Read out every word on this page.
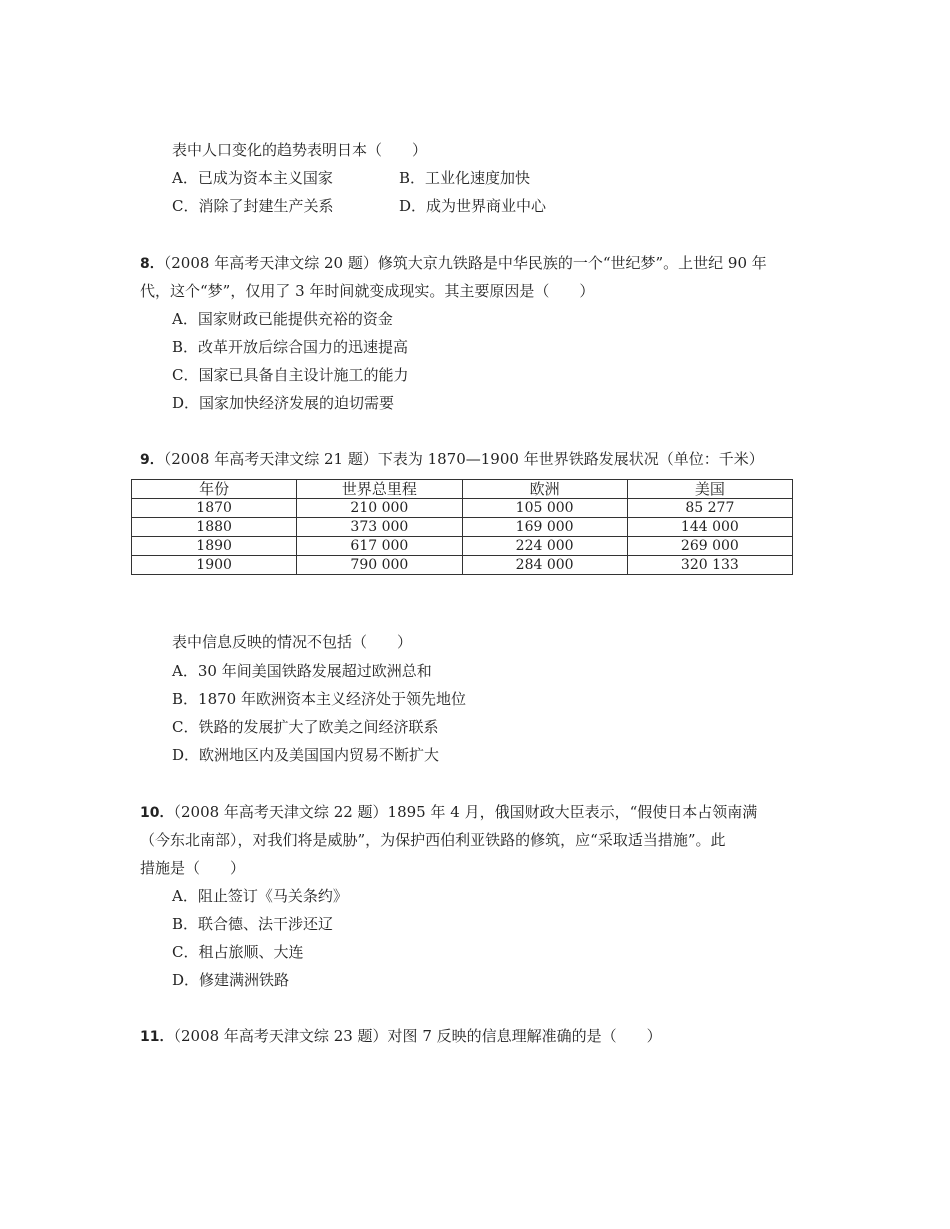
表中人口变化的趋势表明日本（　　）
A．已成为资本主义国家	B．工业化速度加快
C．消除了封建生产关系	D．成为世界商业中心
8．（2008 年高考天津文综 20 题）修筑大京九铁路是中华民族的一个“世纪梦”。上世纪 90 年
代，这个“梦”，仅用了 3 年时间就变成现实。其主要原因是（　　）
A．国家财政已能提供充裕的资金
B．改革开放后综合国力的迅速提高
C．国家已具备自主设计施工的能力
D．国家加快经济发展的迫切需要
9．（2008 年高考天津文综 21 题）下表为 1870—1900 年世界铁路发展状况（单位：千米）
年份	世界总里程	欧洲	美国
1870	210 000	105 000	85 277
1880	373 000	169 000	144 000
1890	617 000	224 000	269 000
1900	790 000	284 000	320 133
表中信息反映的情况不包括（　　）
A．30 年间美国铁路发展超过欧洲总和
B．1870 年欧洲资本主义经济处于领先地位
C．铁路的发展扩大了欧美之间经济联系
D．欧洲地区内及美国国内贸易不断扩大
10．（2008 年高考天津文综 22 题）1895 年 4 月，俄国财政大臣表示，“假使日本占领南满
（今东北南部），对我们将是威胁”，为保护西伯利亚铁路的修筑，应“采取适当措施”。此
措施是（　　）
A．阻止签订《马关条约》
B．联合德、法干涉还辽
C．租占旅顺、大连
D．修建满洲铁路
11．（2008 年高考天津文综 23 题）对图 7 反映的信息理解准确的是（　　）
